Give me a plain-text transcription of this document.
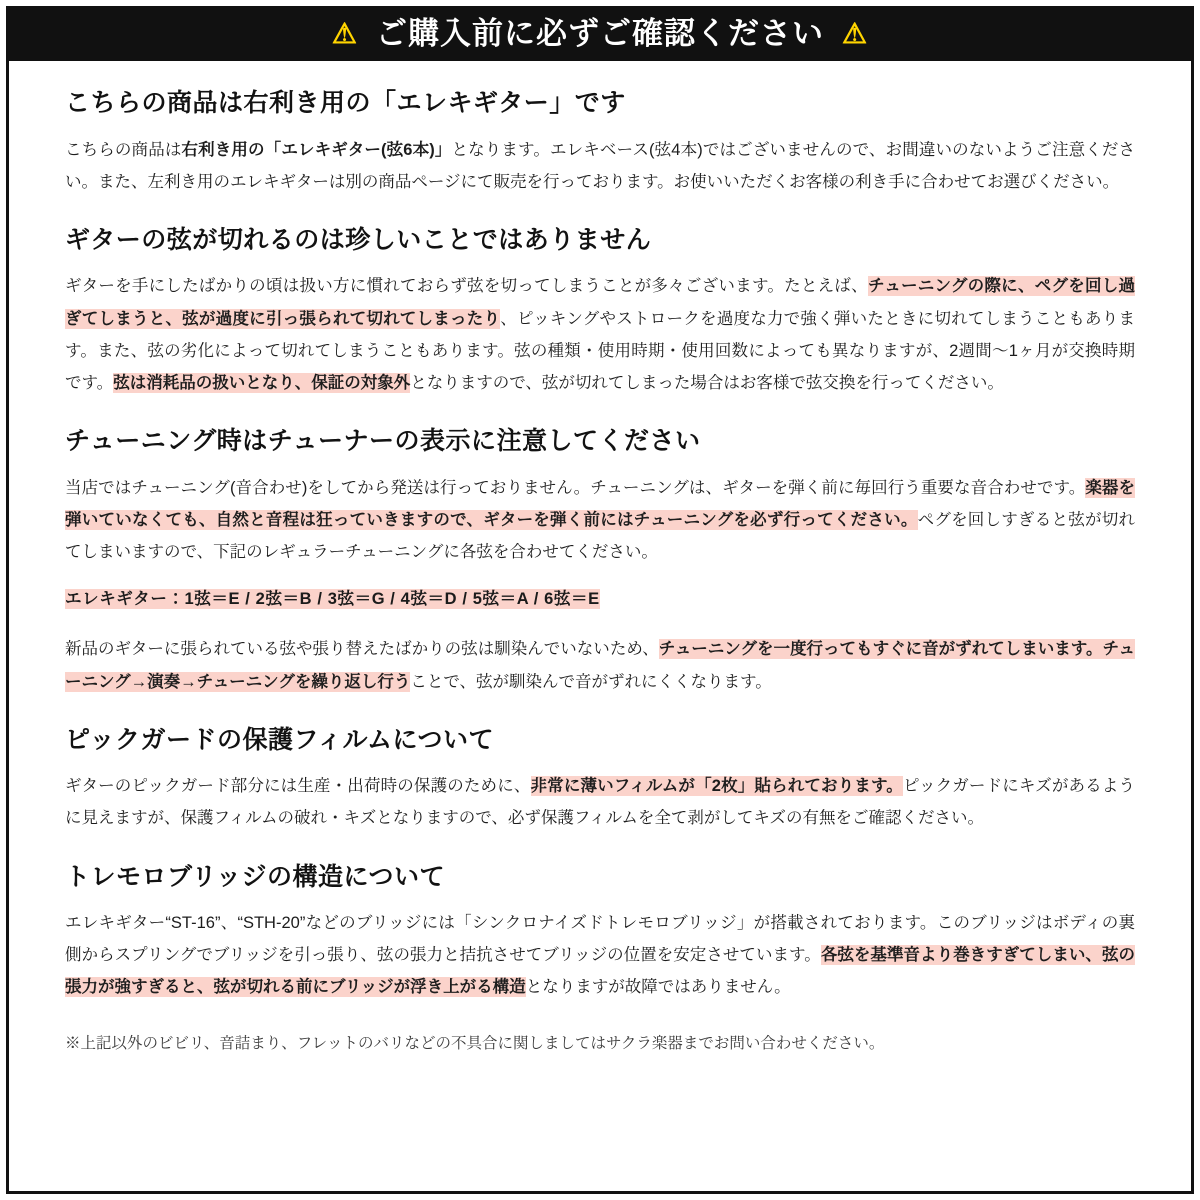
⚠ ご購入前に必ずご確認ください ⚠
こちらの商品は右利き用の「エレキギター」です

こちらの商品は右利き用の「エレキギター(弦6本)」となります。エレキベース(弦4本)ではございませんので、お間違いのないようご注意ください。また、左利き用のエレキギターは別の商品ページにて販売を行っております。お使いいただくお客様の利き手に合わせてお選びください。

ギターの弦が切れるのは珍しいことではありません

ギターを手にしたばかりの頃は扱い方に慣れておらず弦を切ってしまうことが多々ございます。たとえば、チューニングの際に、ペグを回し過ぎてしまうと、弦が過度に引っ張られて切れてしまったり、ピッキングやストロークを過度な力で強く弾いたときに切れてしまうこともあります。また、弦の劣化によって切れてしまうこともあります。弦の種類・使用時期・使用回数によっても異なりますが、2週間〜1ヶ月が交換時期です。弦は消耗品の扱いとなり、保証の対象外となりますので、弦が切れてしまった場合はお客様で弦交換を行ってください。

チューニング時はチューナーの表示に注意してください

当店ではチューニング(音合わせ)をしてから発送は行っておりません。チューニングは、ギターを弾く前に毎回行う重要な音合わせです。楽器を弾いていなくても、自然と音程は狂っていきますので、ギターを弾く前にはチューニングを必ず行ってください。ペグを回しすぎると弦が切れてしまいますので、下記のレギュラーチューニングに各弦を合わせてください。

エレキギター：1弦＝E / 2弦＝B / 3弦＝G / 4弦＝D / 5弦＝A / 6弦＝E

新品のギターに張られている弦や張り替えたばかりの弦は馴染んでいないため、チューニングを一度行ってもすぐに音がずれてしまいます。チューニング→演奏→チューニングを繰り返し行うことで、弦が馴染んで音がずれにくくなります。

ピックガードの保護フィルムについて

ギターのピックガード部分には生産・出荷時の保護のために、非常に薄いフィルムが「2枚」貼られております。ピックガードにキズがあるように見えますが、保護フィルムの破れ・キズとなりますので、必ず保護フィルムを全て剥がしてキズの有無をご確認ください。

トレモロブリッジの構造について

エレキギター“ST-16”、“STH-20”などのブリッジには「シンクロナイズドトレモロブリッジ」が搭載されております。このブリッジはボディの裏側からスプリングでブリッジを引っ張り、弦の張力と拮抗させてブリッジの位置を安定させています。各弦を基準音より巻きすぎてしまい、弦の張力が強すぎると、弦が切れる前にブリッジが浮き上がる構造となりますが故障ではありません。

※上記以外のビビリ、音詰まり、フレットのバリなどの不具合に関しましてはサクラ楽器までお問い合わせください。
